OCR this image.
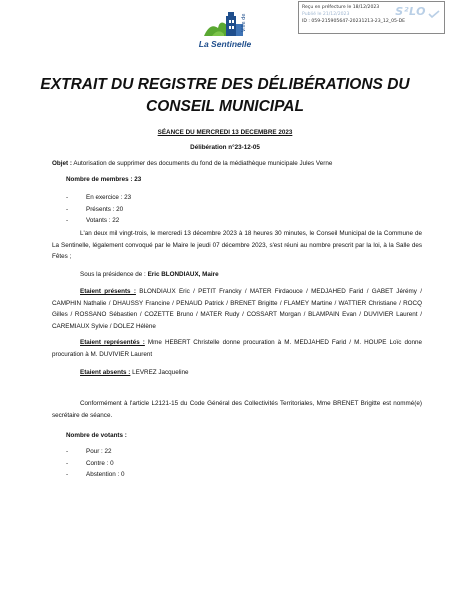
Reçu en préfecture le 18/12/2023
Publié le 21/12/2023
ID : 059-215905647-20231213-23_12_05-DE
S²LO
Ville de
La Sentinelle
EXTRAIT DU REGISTRE DES DÉLIBÉRATIONS DU
CONSEIL MUNICIPAL
SÉANCE DU MERCREDI 13 DECEMBRE 2023
Délibération n°23-12-05
Objet : Autorisation de supprimer des documents du fond de la médiathèque municipale Jules Verne
Nombre de membres : 23
- En exercice : 23
- Présents : 20
- Votants : 22
L'an deux mil vingt-trois, le mercredi 13 décembre 2023 à 18 heures 30 minutes, le Conseil Municipal de la Commune de La Sentinelle, légalement convoqué par le Maire le jeudi 07 décembre 2023, s'est réuni au nombre prescrit par la loi, à la Salle des Fêtes ;
Sous la présidence de : Eric BLONDIAUX, Maire
Etaient présents : BLONDIAUX Eric / PETIT Francky / MATER Firdaouce / MEDJAHED Farid / GABET Jérémy / CAMPHIN Nathalie / DHAUSSY Francine / PENAUD Patrick / BRENET Brigitte / FLAMEY Martine / WATTIER Christiane / ROCQ Gilles / ROSSANO Sébastien / COZETTE Bruno / MATER Rudy / COSSART Morgan / BLAMPAIN Evan / DUVIVIER Laurent / CAREMIAUX Sylvie / DOLEZ Hélène
Etaient représentés : Mme HEBERT Christelle donne procuration à M. MEDJAHED Farid / M. HOUPE Loïc donne procuration à M. DUVIVIER Laurent
Etaient absents : LEVREZ Jacqueline
Conformément à l'article L2121-15 du Code Général des Collectivités Territoriales, Mme BRENET Brigitte est nommé(e) secrétaire de séance.
Nombre de votants :
- Pour : 22
- Contre : 0
- Abstention : 0
